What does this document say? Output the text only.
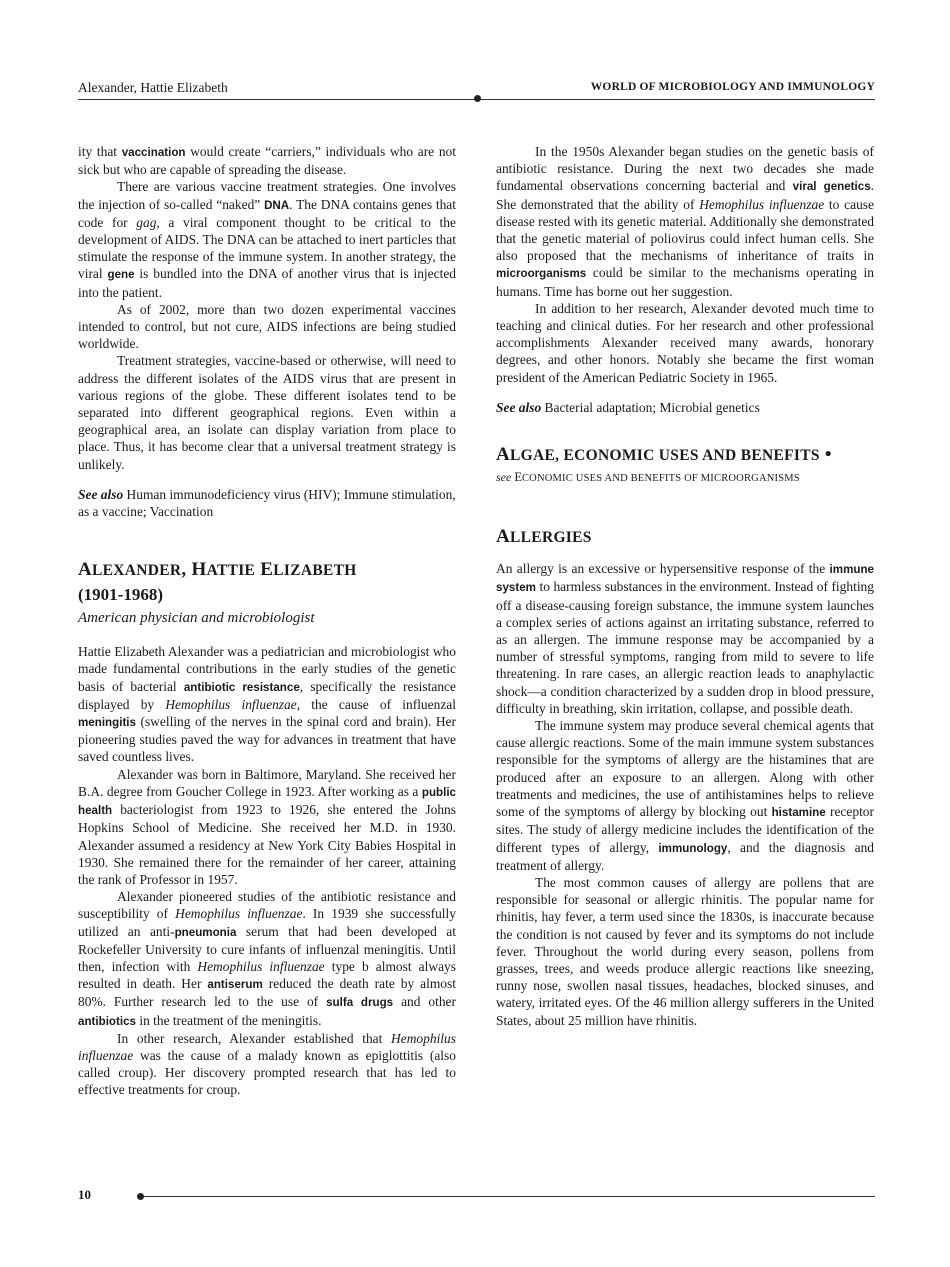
Alexander, Hattie Elizabeth	WORLD OF MICROBIOLOGY AND IMMUNOLOGY

ity that vaccination would create “carriers,” individuals who are not sick but who are capable of spreading the disease.

There are various vaccine treatment strategies. One involves the injection of so-called “naked” DNA. The DNA contains genes that code for gag, a viral component thought to be critical to the development of AIDS. The DNA can be attached to inert particles that stimulate the response of the immune system. In another strategy, the viral gene is bundled into the DNA of another virus that is injected into the patient.

As of 2002, more than two dozen experimental vaccines intended to control, but not cure, AIDS infections are being studied worldwide.

Treatment strategies, vaccine-based or otherwise, will need to address the different isolates of the AIDS virus that are present in various regions of the globe. These different isolates tend to be separated into different geographical regions. Even within a geographical area, an isolate can display variation from place to place. Thus, it has become clear that a universal treatment strategy is unlikely.

See also Human immunodeficiency virus (HIV); Immune stimulation, as a vaccine; Vaccination

ALEXANDER, HATTIE ELIZABETH
(1901-1968)
American physician and microbiologist

Hattie Elizabeth Alexander was a pediatrician and microbiologist who made fundamental contributions in the early studies of the genetic basis of bacterial antibiotic resistance, specifically the resistance displayed by Hemophilus influenzae, the cause of influenzal meningitis (swelling of the nerves in the spinal cord and brain). Her pioneering studies paved the way for advances in treatment that have saved countless lives.

Alexander was born in Baltimore, Maryland. She received her B.A. degree from Goucher College in 1923. After working as a public health bacteriologist from 1923 to 1926, she entered the Johns Hopkins School of Medicine. She received her M.D. in 1930. Alexander assumed a residency at New York City Babies Hospital in 1930. She remained there for the remainder of her career, attaining the rank of Professor in 1957.

Alexander pioneered studies of the antibiotic resistance and susceptibility of Hemophilus influenzae. In 1939 she successfully utilized an anti-pneumonia serum that had been developed at Rockefeller University to cure infants of influenzal meningitis. Until then, infection with Hemophilus influenzae type b almost always resulted in death. Her antiserum reduced the death rate by almost 80%. Further research led to the use of sulfa drugs and other antibiotics in the treatment of the meningitis.

In other research, Alexander established that Hemophilus influenzae was the cause of a malady known as epiglottitis (also called croup). Her discovery prompted research that has led to effective treatments for croup.

In the 1950s Alexander began studies on the genetic basis of antibiotic resistance. During the next two decades she made fundamental observations concerning bacterial and viral genetics. She demonstrated that the ability of Hemophilus influenzae to cause disease rested with its genetic material. Additionally she demonstrated that the genetic material of poliovirus could infect human cells. She also proposed that the mechanisms of inheritance of traits in microorganisms could be similar to the mechanisms operating in humans. Time has borne out her suggestion.

In addition to her research, Alexander devoted much time to teaching and clinical duties. For her research and other professional accomplishments Alexander received many awards, honorary degrees, and other honors. Notably she became the first woman president of the American Pediatric Society in 1965.

See also Bacterial adaptation; Microbial genetics

ALGAE, ECONOMIC USES AND BENEFITS •
see ECONOMIC USES AND BENEFITS OF MICROORGANISMS
ALLERGIES

An allergy is an excessive or hypersensitive response of the immune system to harmless substances in the environment. Instead of fighting off a disease-causing foreign substance, the immune system launches a complex series of actions against an irritating substance, referred to as an allergen. The immune response may be accompanied by a number of stressful symptoms, ranging from mild to severe to life threatening. In rare cases, an allergic reaction leads to anaphylactic shock—a condition characterized by a sudden drop in blood pressure, difficulty in breathing, skin irritation, collapse, and possible death.

The immune system may produce several chemical agents that cause allergic reactions. Some of the main immune system substances responsible for the symptoms of allergy are the histamines that are produced after an exposure to an allergen. Along with other treatments and medicines, the use of antihistamines helps to relieve some of the symptoms of allergy by blocking out histamine receptor sites. The study of allergy medicine includes the identification of the different types of allergy, immunology, and the diagnosis and treatment of allergy.

The most common causes of allergy are pollens that are responsible for seasonal or allergic rhinitis. The popular name for rhinitis, hay fever, a term used since the 1830s, is inaccurate because the condition is not caused by fever and its symptoms do not include fever. Throughout the world during every season, pollens from grasses, trees, and weeds produce allergic reactions like sneezing, runny nose, swollen nasal tissues, headaches, blocked sinuses, and watery, irritated eyes. Of the 46 million allergy sufferers in the United States, about 25 million have rhinitis.

10
